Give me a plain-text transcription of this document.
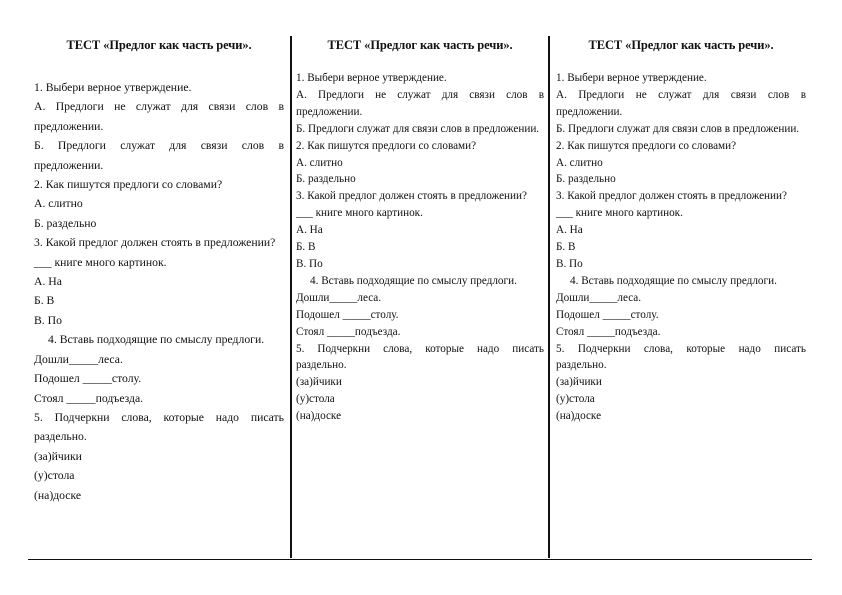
ТЕСТ «Предлог как часть речи».
1. Выбери верное утверждение.
А. Предлоги не служат для связи слов в предложении.
Б. Предлоги служат для связи слов в предложении.
2. Как пишутся предлоги со словами?
А. слитно
Б. раздельно
3. Какой предлог должен стоять в предложении?
___ книге много картинок.
А. На
Б. В
В. По
4. Вставь подходящие по смыслу предлоги.
Дошли_____леса.
Подошел _____столу.
Стоял _____подъезда.
5. Подчеркни слова, которые надо писать раздельно.
(за)йчики
(у)стола
(на)доске
ТЕСТ «Предлог как часть речи».
1. Выбери верное утверждение.
А. Предлоги не служат для связи слов в предложении.
Б. Предлоги служат для связи слов в предложении.
2. Как пишутся предлоги со словами?
А. слитно
Б. раздельно
3. Какой предлог должен стоять в предложении?
___ книге много картинок.
А. На
Б. В
В. По
4. Вставь подходящие по смыслу предлоги.
Дошли_____леса.
Подошел _____столу.
Стоял _____подъезда.
5. Подчеркни слова, которые надо писать раздельно.
(за)йчики
(у)стола
(на)доске
ТЕСТ «Предлог как часть речи».
1. Выбери верное утверждение.
А. Предлоги не служат для связи слов в предложении.
Б. Предлоги служат для связи слов в предложении.
2. Как пишутся предлоги со словами?
А. слитно
Б. раздельно
3. Какой предлог должен стоять в предложении?
___ книге много картинок.
А. На
Б. В
В. По
4. Вставь подходящие по смыслу предлоги.
Дошли_____леса.
Подошел _____столу.
Стоял _____подъезда.
5. Подчеркни слова, которые надо писать раздельно.
(за)йчики
(у)стола
(на)доске
